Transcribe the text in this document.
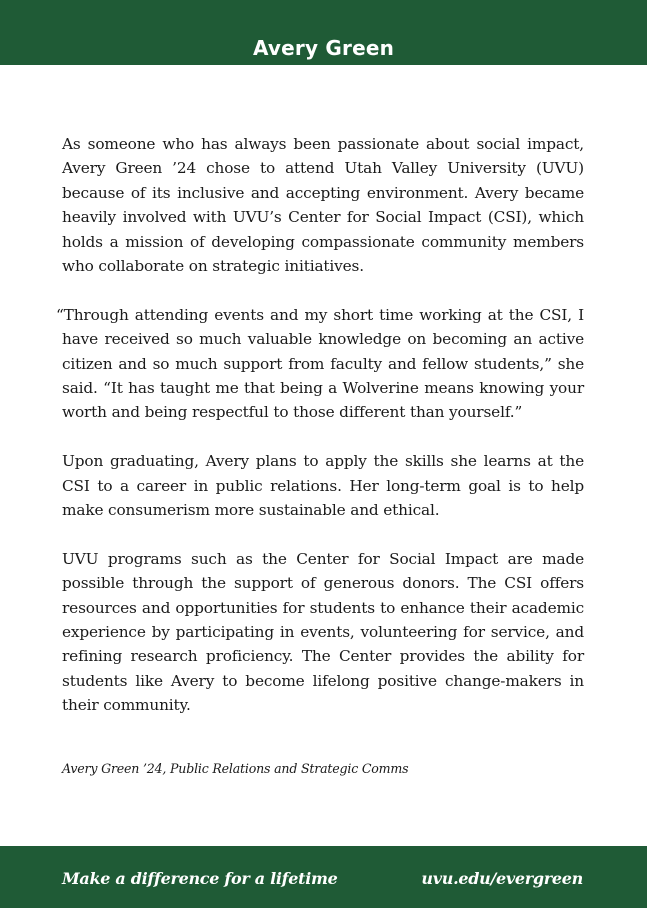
Avery Green

As someone who has always been passionate about social impact, Avery Green ’24 chose to attend Utah Valley University (UVU) because of its inclusive and accepting environment. Avery became heavily involved with UVU’s Center for Social Impact (CSI), which holds a mission of developing compassionate community members who collaborate on strategic initiatives.

“Through attending events and my short time working at the CSI, I have received so much valuable knowledge on becoming an active citizen and so much support from faculty and fellow students,” she said. “It has taught me that being a Wolverine means knowing your worth and being respectful to those different than yourself.”

Upon graduating, Avery plans to apply the skills she learns at the CSI to a career in public relations. Her long-term goal is to help make consumerism more sustainable and ethical.

UVU programs such as the Center for Social Impact are made possible through the support of generous donors. The CSI offers resources and opportunities for students to enhance their academic experience by participating in events, volunteering for service, and refining research proficiency. The Center provides the ability for students like Avery to become lifelong positive change-makers in their community.

Avery Green ’24, Public Relations and Strategic Comms
Make a difference for a lifetime	uvu.edu/evergreen
